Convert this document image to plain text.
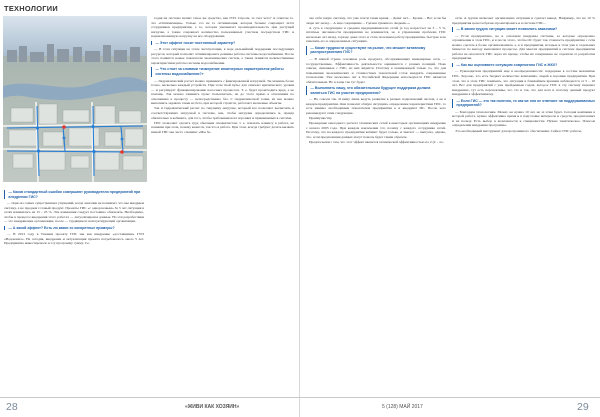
ТЕХНОЛОГИИ
— Каков стандартный ошибки совершают руководители предприятий при внедрении ГИС?

— Одно из самых существенных упущений, когда заказчик не понимает, что мы внедряем систему, а не продаем готовый продукт. Проекты ГИС «с одноразовым» За 5 лет ситуация в сетях изменилась на 15 – 25 %. Эти изменения следует постоянно обновлять. Необходимо, чтобы в процессе внедрения этого работал — актуализировал данные. Но эти разработчики — это внедряющие организации, после — трудящиеся эксплуатирующей организации.

— А какой эффект? Есть ли какие-то конкретные примеры?

— В 2013 году в Тюмени проекту ГИС мы как внедрение «доставщики» ГУП «Водоканал». На сегодня, внедрение и актуализация проекта потребовалось около 5 лет. Предприятие инвестировало в эту программу сумму. Се-

годня их система значит такое же средство, как ГПЗ. Спроси, за счет чего? А ответом то. что «Оптимизация». Только это не та оптимизация, которая больше сокращает штат сотрудников предприятия, а то, которая уменьшает производительность при растущей нагрузке, а также сокращает количество пользованных участков посредством ГИС и нормализованную нагрузку на все оборудование.

— Этот эффект носит постоянный характер?

— В этом ситуации на этапе эксплуатации, в ходе дальнейшей поддержки последующих ресурсов, который позволит оптимизировать режимы работы системы водоснабжения. После этого появятся новые показатели экономических систем, а также появятся количественные характеристики работы системы водоснабжения.

— Что стоит за словами «измерение инженерных характеристик работы системы водоснабжения?»

— Гидравлический расчет можно применить с фиксированной нагрузкой. Ты можешь более точно, насколько каждый устройств. При этом твой пульс для отвечает критического уровня — и регулирует функционирование насосных процессов. Т. е. будет происходить вред, а не помощь. Так можно заменить пульс пользователь, не до этого прямо в отношении по отношению к процессу — непосредственно без. С гидравлической точки, из нее можно выполнить задавать такие из бета, при которой строятся, работают желаемые объекты.

Так и гидравлический расчет по текущему нагрузке, который все позволяет вычислять и соответствующих нагрузкой в системе, как, чтобы нагрузки определились и, правда обязательно в кабинете, для того, чтобы требования всех хороших и применяемых в системе.

ГИС позволяет сделать труд обычным специалистом, т. е. показать клиенту в работе, не понимая при этом, почему кажется, так что в работе. При этом, всегда требуют делать вызвать нашей ГИС мы часто слышим: «Мы бо-

лее себя такую систему, что уже почти такие время… Денег нет… Кроме… Вот если бы люди лет назад… А еще сокращение… Гдечем лукавного людьми...»

А суть в следующем: в среднем предпринимателю сетей (а год возрастает на 3 – 5 %, штатные численности предприятия не изменяется, но в управлении проблема ГИС несколько лет назад, гораздо даже этого и стать полезным работу предприятия, быстрее и не заменить его в определенных ситуациях.

— Какие трудности существуют на рынке, что мешает активному распространению ГИС?

— В нашей стране основные роль продукта, обслуживающих инженерные сети, — государственные. Эффективность деятельности оценивается с разных позиций. Пока списка, связанные с ГИС, из них видится. Поэтому к понимающей только то, что для повышения экономических и стоимостных показателей готов внедрять современные технологии. Уже несколько лет в Российской Федерации используются ГИС является обязательным. Но я чаще так тут будет.

— Выполнить нашу, что обязательным будущее поддержка должна являться ГИС на участке предприятия?

— Не совсем так. Я вижу лишь ведуть развитие в разных подключений систем, а не в каждом предприятии. Они позволят общую ситуацию, определение характеристики ГИС, то есть именно необходимым показателем предприятия к и внедряют ИС. После чего рекомендуют сами следующие.

Преимуществу.

Проведение ежегодного расчета технических сетей в некоторых организациях внедрение с начала 2003 года. При каждом вовлечения тот, почему с каждого сотрудника сетей. Поэтому, что на каждого предприятия кабинет будет только, и хватает — выпуска, однако, что, если предложения данных могут помочь будет таким образом.

Предпосылки с тем, что этот эффект является технической эффективностью по 2 (С - ло-

сети. А группа включает организацию ситуации и сделает вывод. Например, что не 10 % предприятия целесообразно проектировать и в системе ГИС...

— В каком трудно ситуации может позволить заказчики?

— Если предприятию, не в основном внедрены системы, за которые определено ограничения в этом ГИС, и я после этого, чтобы ОС будет так стоимость предприятия с сети можно сделать в более организованном, а, в и предприятия, которые в этом уже в отдельных бизнесах по выгоду выполняют процессы. Для многих предприятий в системе предприятия работы не опасаются ГИС через их проще, чтобы их совершенно не отделяли от разработки предприятие.

— Как вы оцениваете ситуацию современно ГИС в ЖКХ?

— Руководители предприятий еще в неопределенности: поддержка в составе механизма ГИС. Хорошо, что есть бюджет количество компаниях, людей в хорошие предприятия. При этом, что в этом ГИС понимать, что ситуация в ближайшем времени наблюдается от 5 – 10 лет. Вот для предприятий с уже пройденным годом, которое ГИС в эту систему перешел внедрению, тут есть перспективы, что это и так, что для всех и поэтому данный продукт внедрения к эффективному.

— Если ГИС — это так полезно, то как же она не отвечает на поддерживаемых предприятий?

— Благодаря технологиям. Может, не нужно 10 лет, не за этим будет. Сегодня компании в которой работа, нужно эффективно время и в подготовке интересов и средств, предлагаемых и на пользу. Есть выбор в возможности к специалистам. Нужна тематическое. Плюсом определения внедрения программы.

Это необходимый инструмент для программного обеспечения. Сейчас ГИС работы-

28	«ЖИВИ КАК ХОЗЯИН»	5 (128) МАЙ 2017	29
